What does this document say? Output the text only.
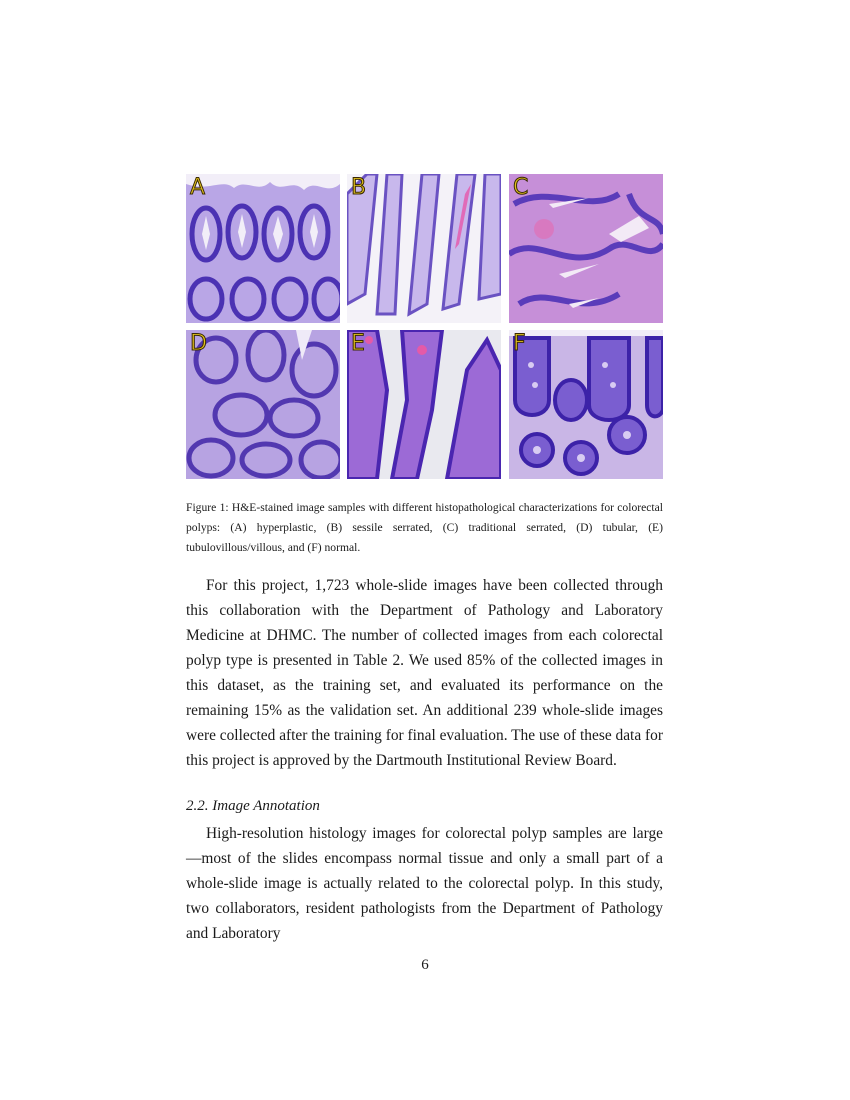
A	B	C
D	E	F
Figure 1: H&E-stained image samples with different histopathological characterizations for colorectal polyps: (A) hyperplastic, (B) sessile serrated, (C) traditional serrated, (D) tubular, (E) tubulovillous/villous, and (F) normal.

For this project, 1,723 whole-slide images have been collected through this collaboration with the Department of Pathology and Laboratory Medicine at DHMC. The number of collected images from each colorectal polyp type is presented in Table 2. We used 85% of the collected images in this dataset, as the training set, and evaluated its performance on the remaining 15% as the validation set. An additional 239 whole-slide images were collected after the training for final evaluation. The use of these data for this project is approved by the Dartmouth Institutional Review Board.

2.2. Image Annotation

High-resolution histology images for colorectal polyp samples are large—most of the slides encompass normal tissue and only a small part of a whole-slide image is actually related to the colorectal polyp. In this study, two collaborators, resident pathologists from the Department of Pathology and Laboratory

6
